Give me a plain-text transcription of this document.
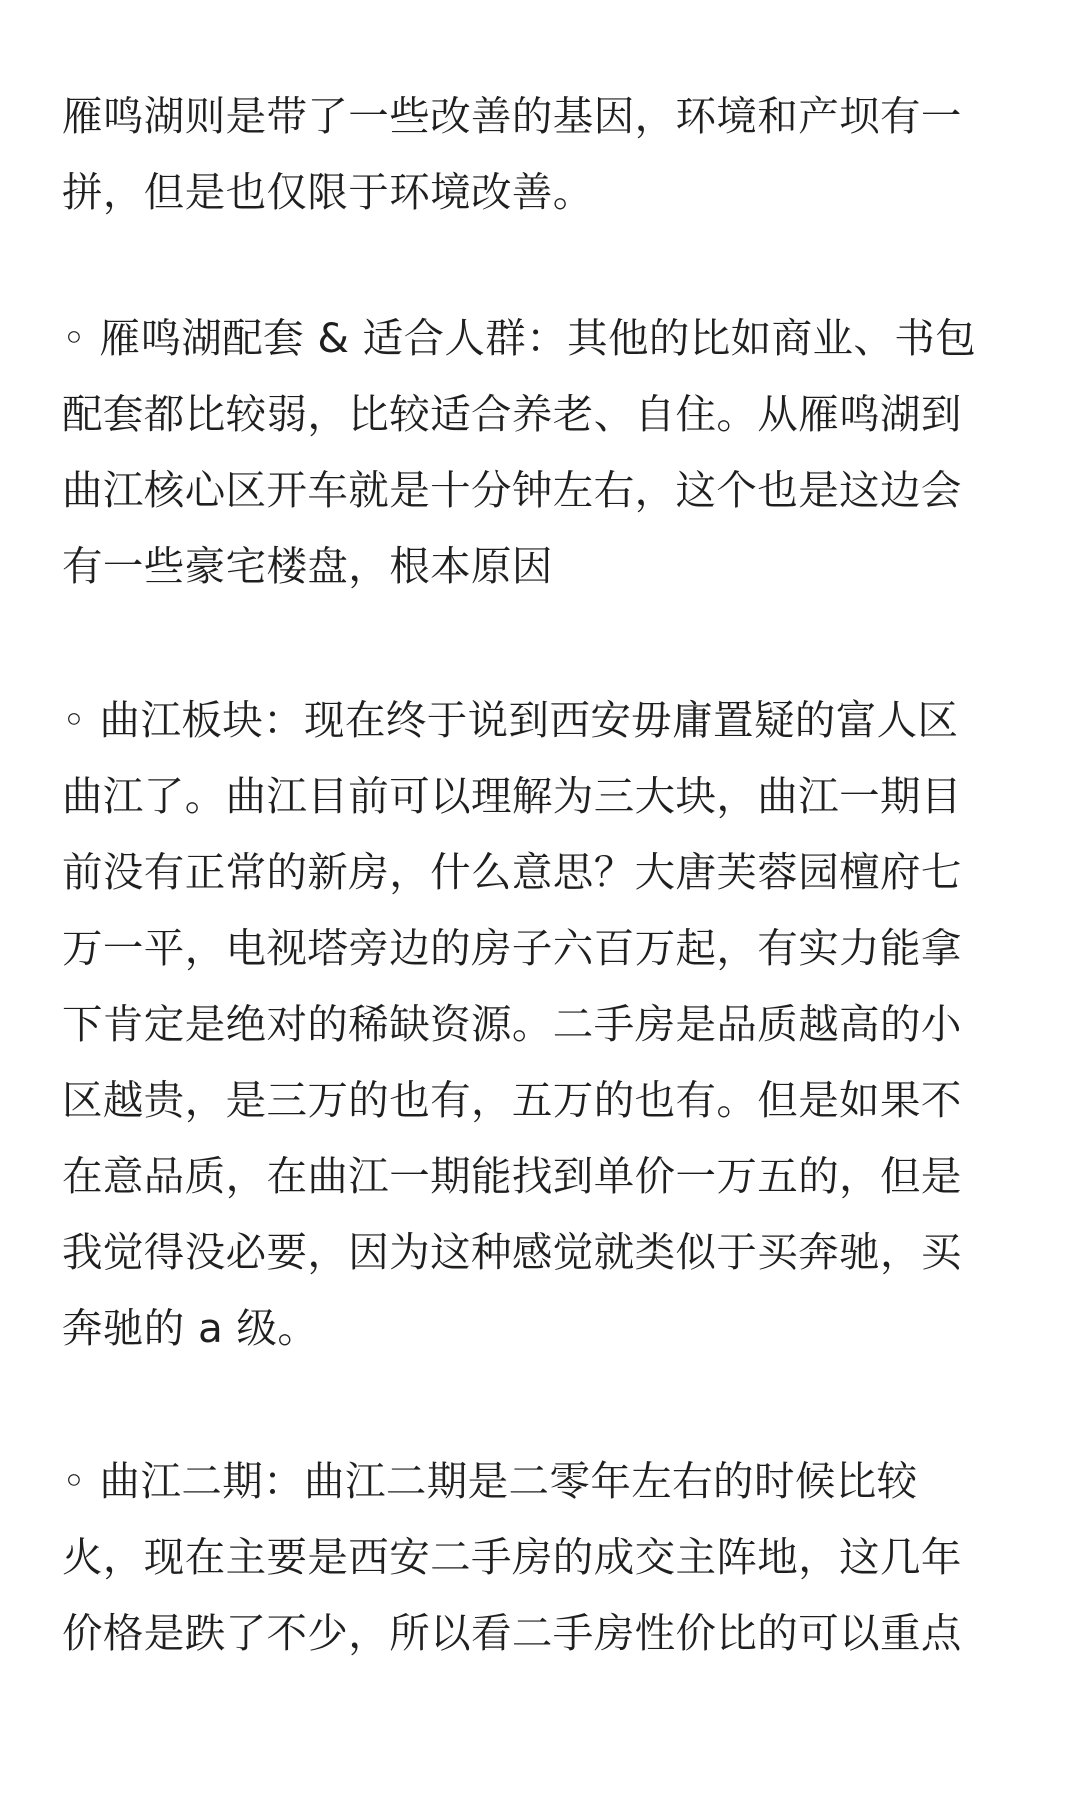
雁鸣湖则是带了一些改善的基因，环境和产坝有一
拼，但是也仅限于环境改善。
◦ 雁鸣湖配套 & 适合人群：其他的比如商业、书包
配套都比较弱，比较适合养老、自住。从雁鸣湖到
曲江核心区开车就是十分钟左右，这个也是这边会
有一些豪宅楼盘，根本原因
◦ 曲江板块：现在终于说到西安毋庸置疑的富人区
曲江了。曲江目前可以理解为三大块，曲江一期目
前没有正常的新房，什么意思？大唐芙蓉园檀府七
万一平，电视塔旁边的房子六百万起，有实力能拿
下肯定是绝对的稀缺资源。二手房是品质越高的小
区越贵，是三万的也有，五万的也有。但是如果不
在意品质，在曲江一期能找到单价一万五的，但是
我觉得没必要，因为这种感觉就类似于买奔驰，买
奔驰的 a 级。
◦ 曲江二期：曲江二期是二零年左右的时候比较
火，现在主要是西安二手房的成交主阵地，这几年
价格是跌了不少，所以看二手房性价比的可以重点
